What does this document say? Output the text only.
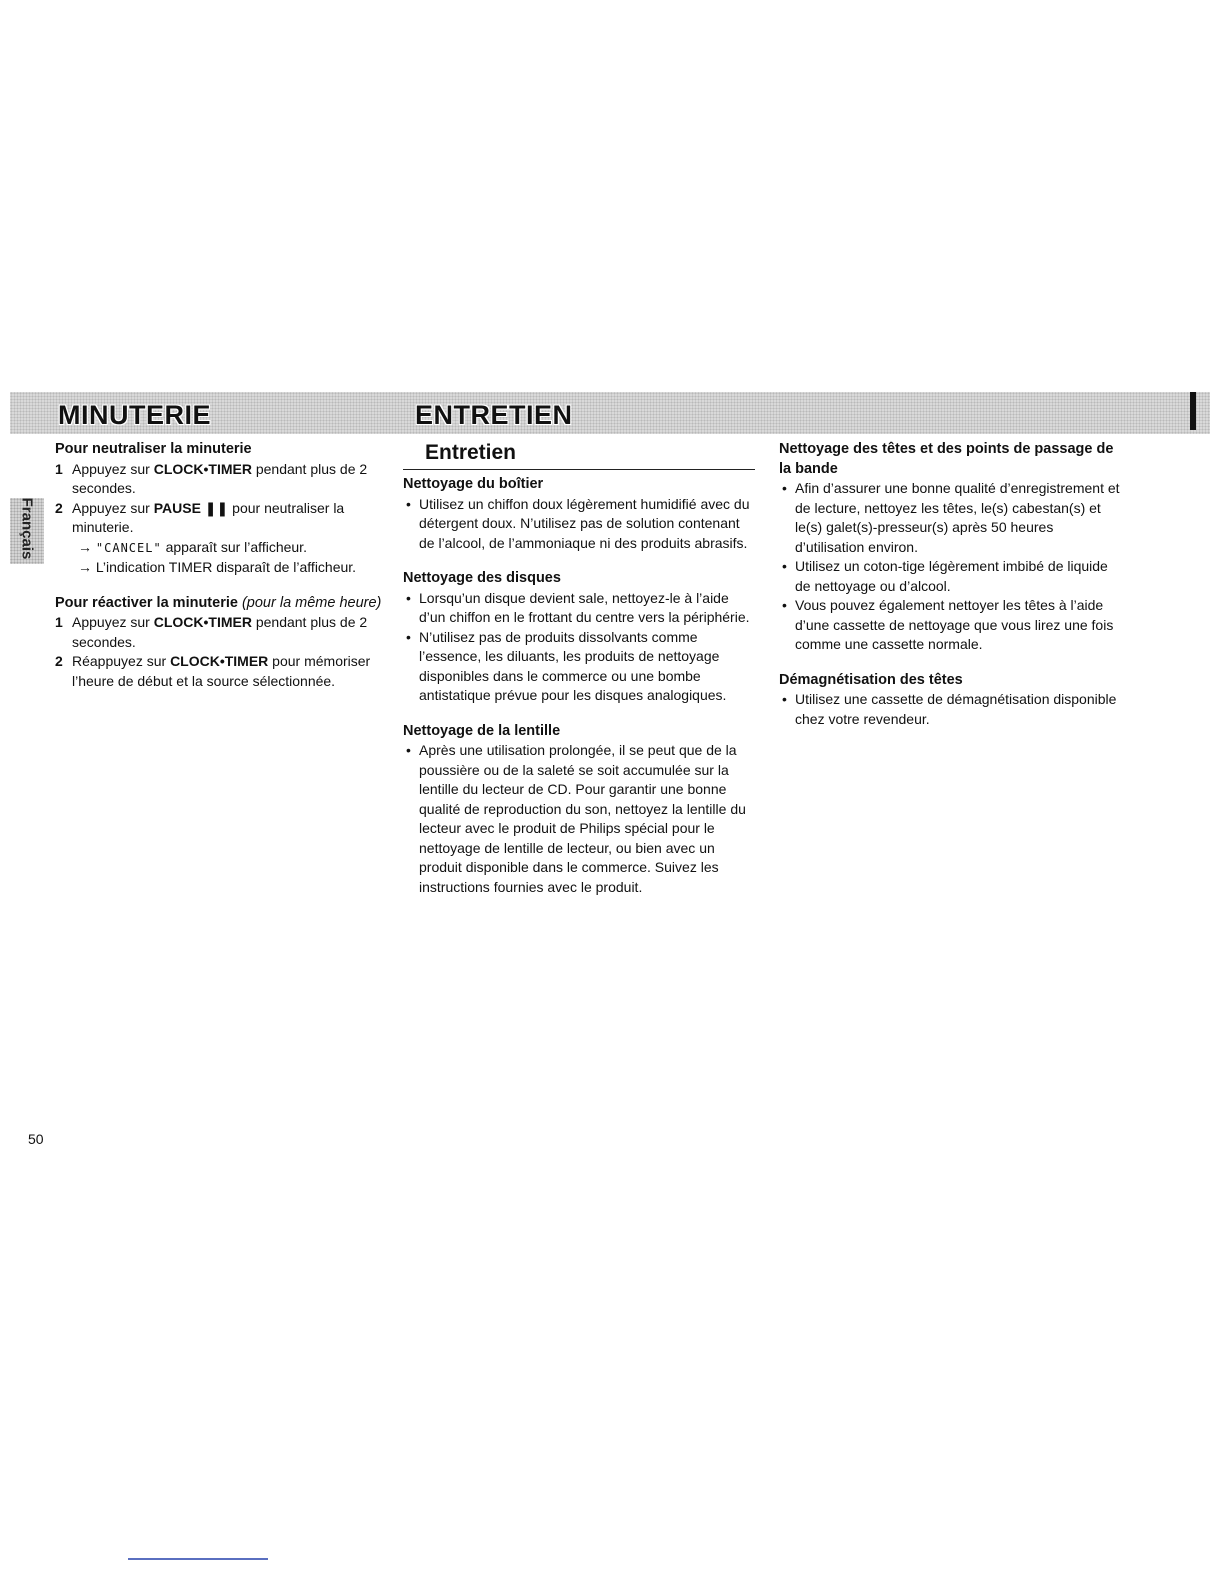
MINUTERIE	ENTRETIEN
Français
Pour neutraliser la minuterie
1 Appuyez sur CLOCK•TIMER pendant plus de 2 secondes.
2 Appuyez sur PAUSE ❚❚ pour neutraliser la minuterie.
→ "CANCEL" apparaît sur l’afficheur.
→ L’indication TIMER disparaît de l’afficheur.
Pour réactiver la minuterie (pour la même heure)
1 Appuyez sur CLOCK•TIMER pendant plus de 2 secondes.
2 Réappuyez sur CLOCK•TIMER pour mémoriser l’heure de début et la source sélectionnée.
Entretien
Nettoyage du boîtier
• Utilisez un chiffon doux légèrement humidifié avec du détergent doux. N’utilisez pas de solution contenant de l’alcool, de l’ammoniaque ni des produits abrasifs.
Nettoyage des disques
• Lorsqu’un disque devient sale, nettoyez-le à l’aide d’un chiffon en le frottant du centre vers la périphérie.
• N’utilisez pas de produits dissolvants comme l’essence, les diluants, les produits de nettoyage disponibles dans le commerce ou une bombe antistatique prévue pour les disques analogiques.
Nettoyage de la lentille
• Après une utilisation prolongée, il se peut que de la poussière ou de la saleté se soit accumulée sur la lentille du lecteur de CD. Pour garantir une bonne qualité de reproduction du son, nettoyez la lentille du lecteur avec le produit de Philips spécial pour le nettoyage de lentille de lecteur, ou bien avec un produit disponible dans le commerce. Suivez les instructions fournies avec le produit.
Nettoyage des têtes et des points de passage de la bande
• Afin d’assurer une bonne qualité d’enregistrement et de lecture, nettoyez les têtes, le(s) cabestan(s) et le(s) galet(s)-presseur(s) après 50 heures d’utilisation environ.
• Utilisez un coton-tige légèrement imbibé de liquide de nettoyage ou d’alcool.
• Vous pouvez également nettoyer les têtes à l’aide d’une cassette de nettoyage que vous lirez une fois comme une cassette normale.
Démagnétisation des têtes
• Utilisez une cassette de démagnétisation disponible chez votre revendeur.
50
